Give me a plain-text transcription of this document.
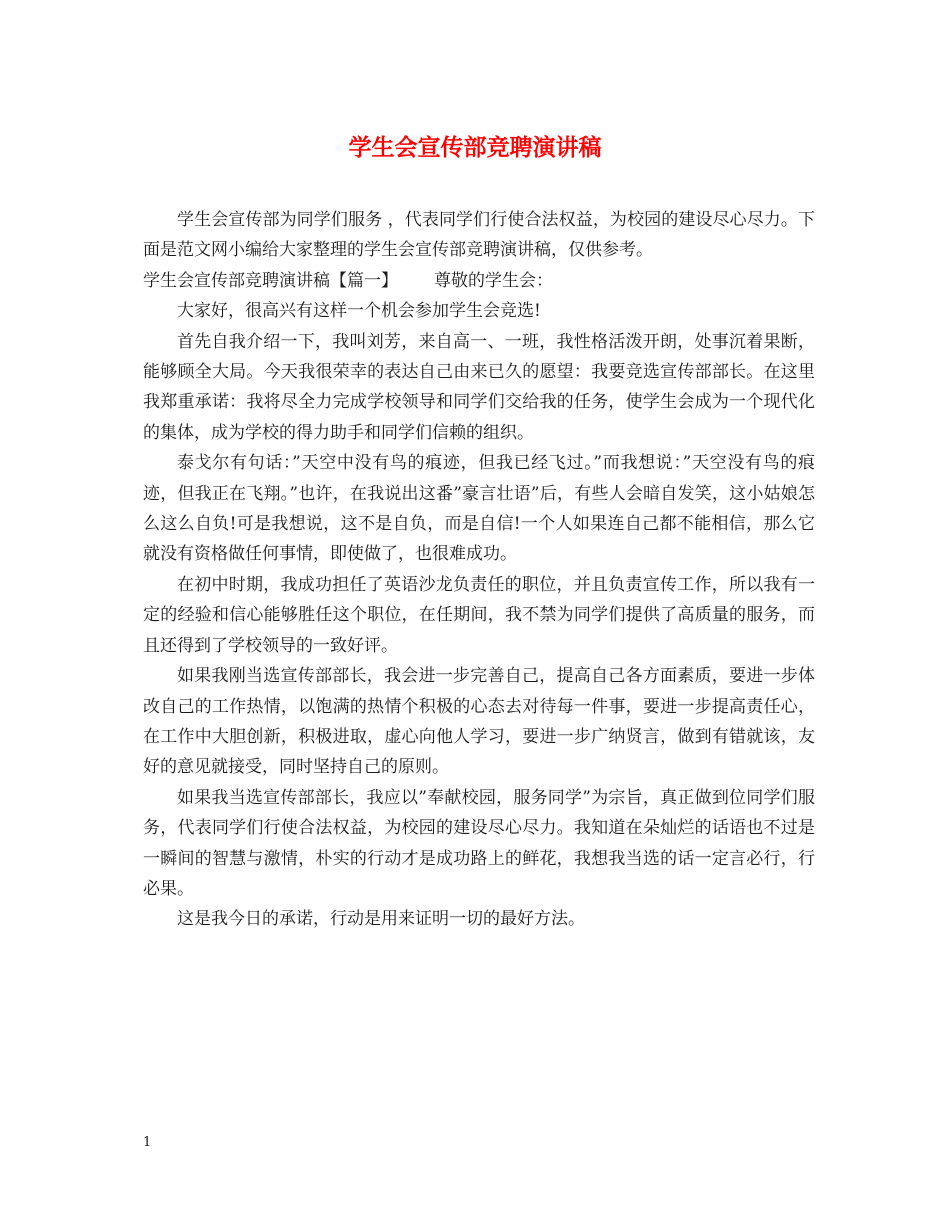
学生会宣传部竞聘演讲稿

学生会宣传部为同学们服务 ，代表同学们行使合法权益，为校园的建设尽心尽力。下面是范文网小编给大家整理的学生会宣传部竞聘演讲稿，仅供参考。

学生会宣传部竞聘演讲稿【篇一】 尊敬的学生会：

大家好，很高兴有这样一个机会参加学生会竞选!

首先自我介绍一下，我叫刘芳，来自高一、一班，我性格活泼开朗，处事沉着果断，能够顾全大局。今天我很荣幸的表达自己由来已久的愿望：我要竞选宣传部部长。在这里我郑重承诺：我将尽全力完成学校领导和同学们交给我的任务，使学生会成为一个现代化的集体，成为学校的得力助手和同学们信赖的组织。

泰戈尔有句话：”天空中没有鸟的痕迹，但我已经飞过。”而我想说：”天空没有鸟的痕迹，但我正在飞翔。”也许，在我说出这番”豪言壮语”后，有些人会暗自发笑，这小姑娘怎么这么自负!可是我想说，这不是自负，而是自信!一个人如果连自己都不能相信，那么它就没有资格做任何事情，即使做了，也很难成功。

在初中时期，我成功担任了英语沙龙负责任的职位，并且负责宣传工作，所以我有一定的经验和信心能够胜任这个职位，在任期间，我不禁为同学们提供了高质量的服务，而且还得到了学校领导的一致好评。

如果我刚当选宣传部部长，我会进一步完善自己，提高自己各方面素质，要进一步体改自己的工作热情，以饱满的热情个积极的心态去对待每一件事，要进一步提高责任心，在工作中大胆创新，积极进取，虚心向他人学习，要进一步广纳贤言，做到有错就该，友好的意见就接受，同时坚持自己的原则。

如果我当选宣传部部长，我应以”奉献校园，服务同学”为宗旨，真正做到位同学们服务，代表同学们行使合法权益，为校园的建设尽心尽力。我知道在朵灿烂的话语也不过是一瞬间的智慧与激情，朴实的行动才是成功路上的鲜花，我想我当选的话一定言必行，行必果。

这是我今日的承诺，行动是用来证明一切的最好方法。

1
